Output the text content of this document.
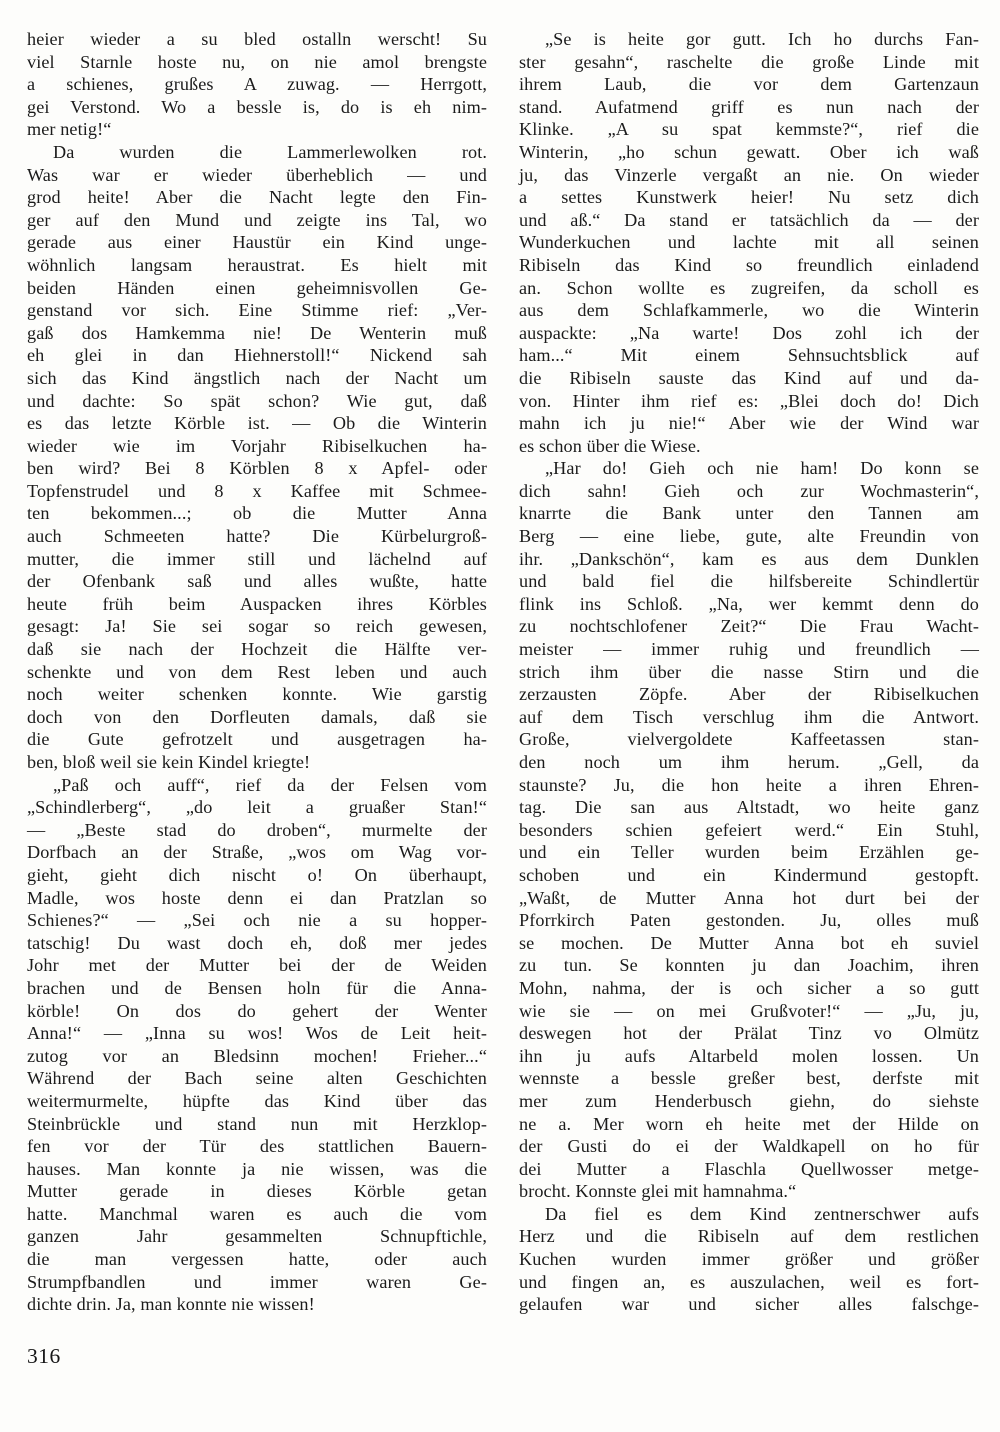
heier wieder a su bled ostalln werscht! Su
viel Starnle hoste nu, on nie amol brengste
a schienes, grußes A zuwag. — Herrgott,
gei Verstond. Wo a bessle is, do is eh nim-
mer netig!“

Da wurden die Lammerlewolken rot.
Was war er wieder überheblich — und
grod heite! Aber die Nacht legte den Fin-
ger auf den Mund und zeigte ins Tal, wo
gerade aus einer Haustür ein Kind unge-
wöhnlich langsam heraustrat. Es hielt mit
beiden Händen einen geheimnisvollen Ge-
genstand vor sich. Eine Stimme rief: „Ver-
gaß dos Hamkemma nie! De Wenterin muß
eh glei in dan Hiehnerstoll!“ Nickend sah
sich das Kind ängstlich nach der Nacht um
und dachte: So spät schon? Wie gut, daß
es das letzte Körble ist. — Ob die Winterin
wieder wie im Vorjahr Ribiselkuchen ha-
ben wird? Bei 8 Körblen 8 x Apfel- oder
Topfenstrudel und 8 x Kaffee mit Schmee-
ten bekommen...; ob die Mutter Anna
auch Schmeeten hatte? Die Kürbelurgroß-
mutter, die immer still und lächelnd auf
der Ofenbank saß und alles wußte, hatte
heute früh beim Auspacken ihres Körbles
gesagt: Ja! Sie sei sogar so reich gewesen,
daß sie nach der Hochzeit die Hälfte ver-
schenkte und von dem Rest leben und auch
noch weiter schenken konnte. Wie garstig
doch von den Dorfleuten damals, daß sie
die Gute gefrotzelt und ausgetragen ha-
ben, bloß weil sie kein Kindel kriegte!

„Paß och auff“, rief da der Felsen vom
„Schindlerberg“, „do leit a gruaßer Stan!“
— „Beste stad do droben“, murmelte der
Dorfbach an der Straße, „wos om Wag vor-
gieht, gieht dich nischt o! On überhaupt,
Madle, wos hoste denn ei dan Pratzlan so
Schienes?“ — „Sei och nie a su hopper-
tatschig! Du wast doch eh, doß mer jedes
Johr met der Mutter bei der de Weiden
brachen und de Bensen holn für die Anna-
körble! On dos do gehert der Wenter
Anna!“ — „Inna su wos! Wos de Leit heit-
zutog vor an Bledsinn mochen! Frieher...“
Während der Bach seine alten Geschichten
weitermurmelte, hüpfte das Kind über das
Steinbrückle und stand nun mit Herzklop-
fen vor der Tür des stattlichen Bauern-
hauses. Man konnte ja nie wissen, was die
Mutter gerade in dieses Körble getan
hatte. Manchmal waren es auch die vom
ganzen Jahr gesammelten Schnupftichle,
die man vergessen hatte, oder auch
Strumpfbandlen und immer waren Ge-
dichte drin. Ja, man konnte nie wissen!

„Se is heite gor gutt. Ich ho durchs Fan-
ster gesahn“, raschelte die große Linde mit
ihrem Laub, die vor dem Gartenzaun
stand. Aufatmend griff es nun nach der
Klinke. „A su spat kemmste?“, rief die
Winterin, „ho schun gewatt. Ober ich waß
ju, das Vinzerle vergaßt an nie. On wieder
a settes Kunstwerk heier! Nu setz dich
und aß.“ Da stand er tatsächlich da — der
Wunderkuchen und lachte mit all seinen
Ribiseln das Kind so freundlich einladend
an. Schon wollte es zugreifen, da scholl es
aus dem Schlafkammerle, wo die Winterin
auspackte: „Na warte! Dos zohl ich der
ham...“ Mit einem Sehnsuchtsblick auf
die Ribiseln sauste das Kind auf und da-
von. Hinter ihm rief es: „Blei doch do! Dich
mahn ich ju nie!“ Aber wie der Wind war
es schon über die Wiese.

„Har do! Gieh och nie ham! Do konn se
dich sahn! Gieh och zur Wochmasterin“,
knarrte die Bank unter den Tannen am
Berg — eine liebe, gute, alte Freundin von
ihr. „Dankschön“, kam es aus dem Dunklen
und bald fiel die hilfsbereite Schindlertür
flink ins Schloß. „Na, wer kemmt denn do
zu nochtschlofener Zeit?“ Die Frau Wacht-
meister — immer ruhig und freundlich —
strich ihm über die nasse Stirn und die
zerzausten Zöpfe. Aber der Ribiselkuchen
auf dem Tisch verschlug ihm die Antwort.
Große, vielvergoldete Kaffeetassen stan-
den noch um ihm herum. „Gell, da
staunste? Ju, die hon heite a ihren Ehren-
tag. Die san aus Altstadt, wo heite ganz
besonders schien gefeiert werd.“ Ein Stuhl,
und ein Teller wurden beim Erzählen ge-
schoben und ein Kindermund gestopft.
„Waßt, de Mutter Anna hot durt bei der
Pforrkirch Paten gestonden. Ju, olles muß
se mochen. De Mutter Anna bot eh suviel
zu tun. Se konnten ju dan Joachim, ihren
Mohn, nahma, der is och sicher a so gutt
wie sie — on mei Grußvoter!“ — „Ju, ju,
deswegen hot der Prälat Tinz vo Olmütz
ihn ju aufs Altarbeld molen lossen. Un
wennste a bessle greßer best, derfste mit
mer zum Henderbusch giehn, do siehste
ne a. Mer worn eh heite met der Hilde on
der Gusti do ei der Waldkapell on ho für
dei Mutter a Flaschla Quellwosser metge-
brocht. Konnste glei mit hamnahma.“

Da fiel es dem Kind zentnerschwer aufs
Herz und die Ribiseln auf dem restlichen
Kuchen wurden immer größer und größer
und fingen an, es auszulachen, weil es fort-
gelaufen war und sicher alles falschge-

316
